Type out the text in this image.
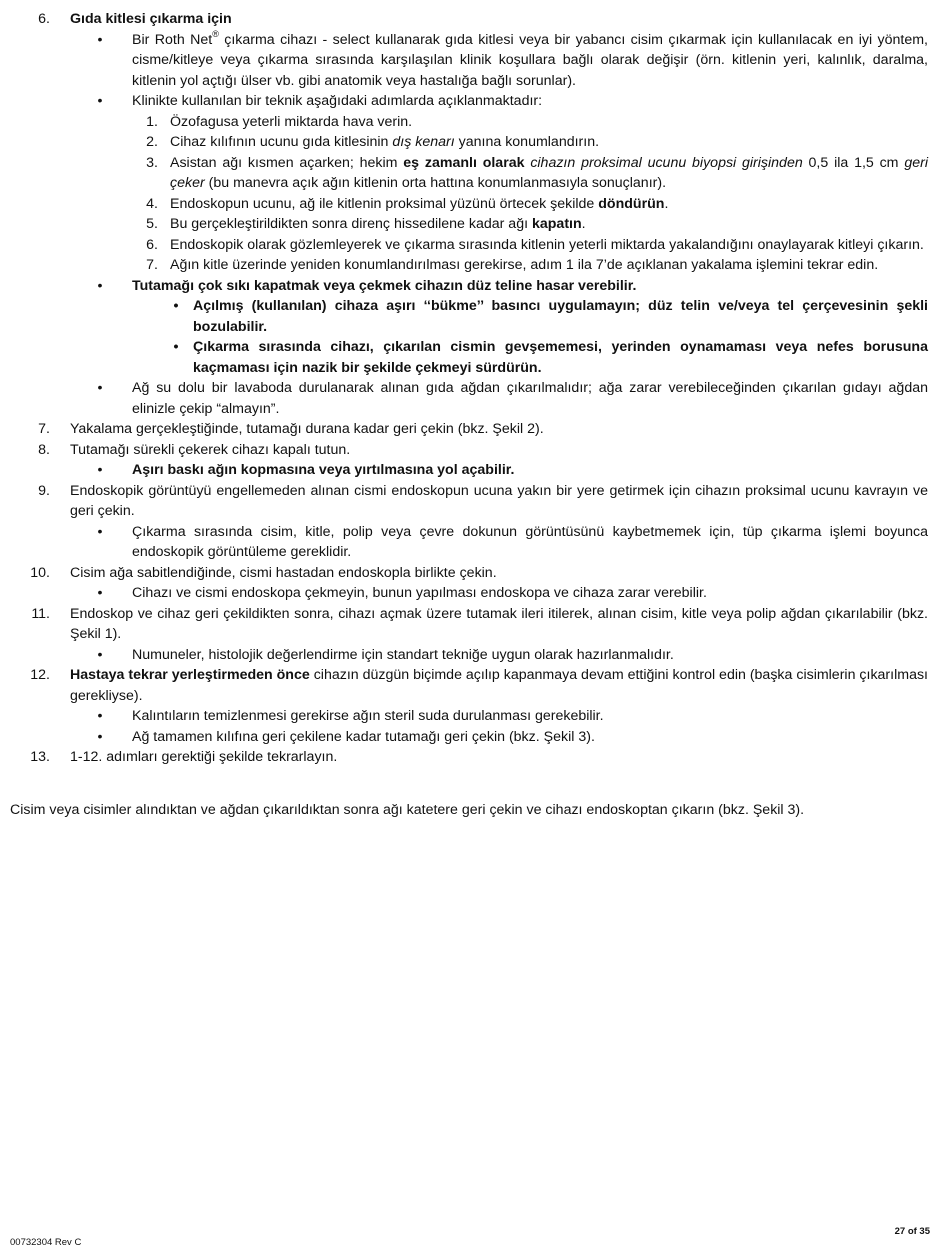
6. Gıda kitlesi çıkarma için
• Bir Roth Net® çıkarma cihazı - select kullanarak gıda kitlesi veya bir yabancı cisim çıkarmak için kullanılacak en iyi yöntem, cisme/kitleye veya çıkarma sırasında karşılaşılan klinik koşullara bağlı olarak değişir (örn. kitlenin yeri, kalınlık, daralma, kitlenin yol açtığı ülser vb. gibi anatomik veya hastalığa bağlı sorunlar).
• Klinikte kullanılan bir teknik aşağıdaki adımlarda açıklanmaktadır:
1. Özofagusa yeterli miktarda hava verin.
2. Cihaz kılıfının ucunu gıda kitlesinin dış kenarı yanına konumlandırın.
3. Asistan ağı kısmen açarken; hekim eş zamanlı olarak cihazın proksimal ucunu biyopsi girişinden 0,5 ila 1,5 cm geri çeker (bu manevra açık ağın kitlenin orta hattına konumlanmasıyla sonuçlanır).
4. Endoskopun ucunu, ağ ile kitlenin proksimal yüzünü örtecek şekilde döndürün.
5. Bu gerçekleştirildikten sonra direnç hissedilene kadar ağı kapatın.
6. Endoskopik olarak gözlemleyerek ve çıkarma sırasında kitlenin yeterli miktarda yakalandığını onaylayarak kitleyi çıkarın.
7. Ağın kitle üzerinde yeniden konumlandırılması gerekirse, adım 1 ila 7’de açıklanan yakalama işlemini tekrar edin.
• Tutamağı çok sıkı kapatmak veya çekmek cihazın düz teline hasar verebilir.
• Açılmış (kullanılan) cihaza aşırı ‘‘bükme’’ basıncı uygulamayın; düz telin ve/veya tel çerçevesinin şekli bozulabilir.
• Çıkarma sırasında cihazı, çıkarılan cismin gevşememesi, yerinden oynamaması veya nefes borusuna kaçmaması için nazik bir şekilde çekmeyi sürdürün.
• Ağ su dolu bir lavaboda durulanarak alınan gıda ağdan çıkarılmalıdır; ağa zarar verebileceğinden çıkarılan gıdayı ağdan elinizle çekip “almayın”.
7. Yakalama gerçekleştiğinde, tutamağı durana kadar geri çekin (bkz. Şekil 2).
8. Tutamağı sürekli çekerek cihazı kapalı tutun.
• Aşırı baskı ağın kopmasına veya yırtılmasına yol açabilir.
9. Endoskopik görüntüyü engellemeden alınan cismi endoskopun ucuna yakın bir yere getirmek için cihazın proksimal ucunu kavrayın ve geri çekin.
• Çıkarma sırasında cisim, kitle, polip veya çevre dokunun görüntüsünü kaybetmemek için, tüp çıkarma işlemi boyunca endoskopik görüntüleme gereklidir.
10. Cisim ağa sabitlendiğinde, cismi hastadan endoskopla birlikte çekin.
• Cihazı ve cismi endoskopa çekmeyin, bunun yapılması endoskopa ve cihaza zarar verebilir.
11. Endoskop ve cihaz geri çekildikten sonra, cihazı açmak üzere tutamak ileri itilerek, alınan cisim, kitle veya polip ağdan çıkarılabilir (bkz. Şekil 1).
• Numuneler, histolojik değerlendirme için standart tekniğe uygun olarak hazırlanmalıdır.
12. Hastaya tekrar yerleştirmeden önce cihazın düzgün biçimde açılıp kapanmaya devam ettiğini kontrol edin (başka cisimlerin çıkarılması gerekliyse).
• Kalıntıların temizlenmesi gerekirse ağın steril suda durulanması gerekebilir.
• Ağ tamamen kılıfına geri çekilene kadar tutamağı geri çekin (bkz. Şekil 3).
13. 1-12. adımları gerektiği şekilde tekrarlayın.
Cisim veya cisimler alındıktan ve ağdan çıkarıldıktan sonra ağı katetere geri çekin ve cihazı endoskoptan çıkarın (bkz. Şekil 3).
00732304 Rev C
27 of 35
